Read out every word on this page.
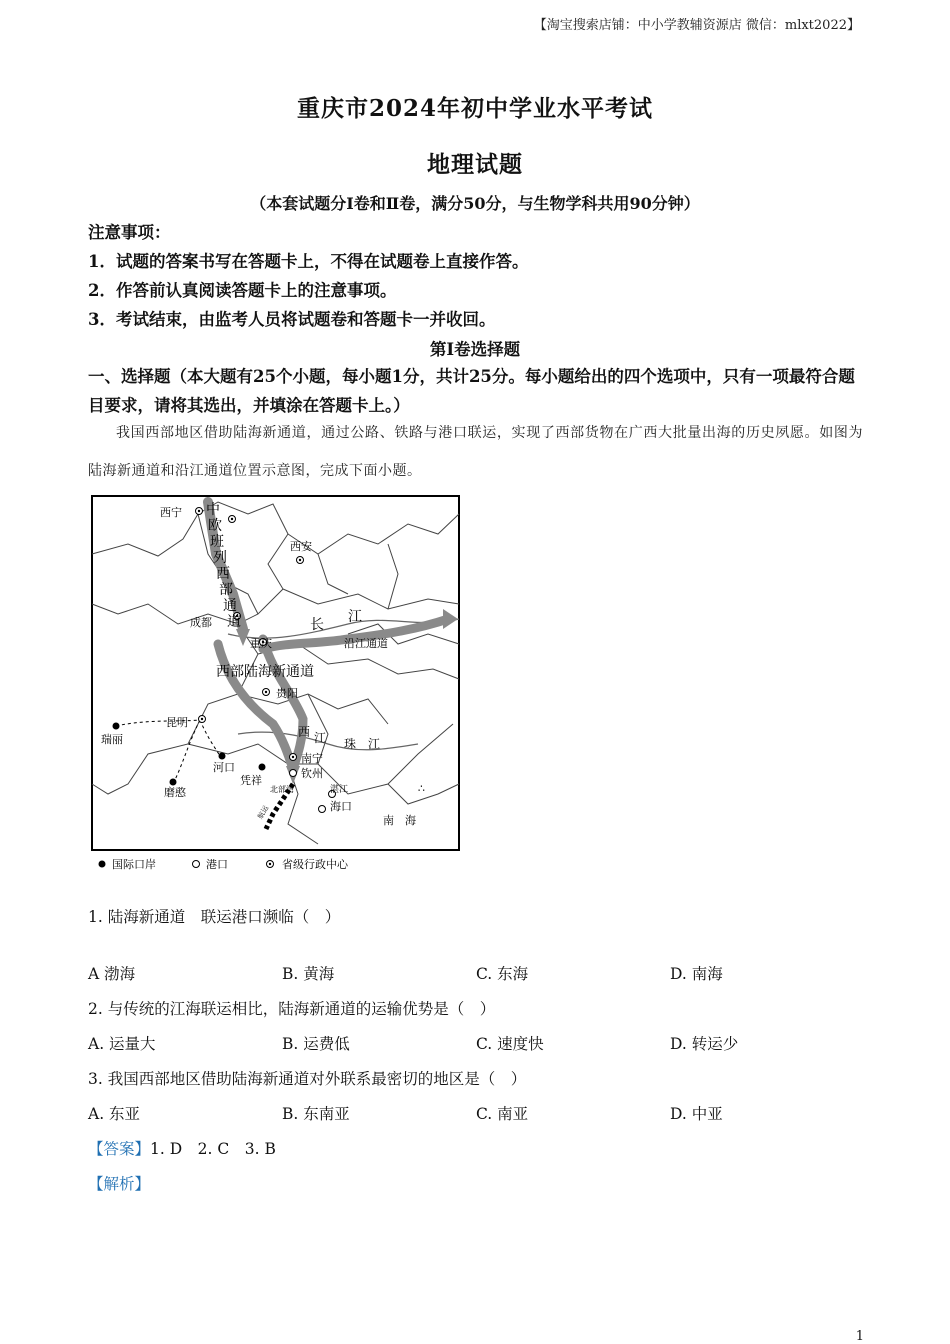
【淘宝搜索店铺：中小学教辅资源店 微信：mlxt2022】
重庆市2024年初中学业水平考试
地理试题
（本套试题分Ⅰ卷和Ⅱ卷，满分50分，与生物学科共用90分钟）
注意事项：
1．试题的答案书写在答题卡上，不得在试题卷上直接作答。
2．作答前认真阅读答题卡上的注意事项。
3．考试结束，由监考人员将试题卷和答题卡一并收回。
第Ⅰ卷选择题
一、选择题（本大题有25个小题，每小题1分，共计25分。每小题给出的四个选项中，只有一项最符合题目要求，请将其选出，并填涂在答题卡上。）
我国西部地区借助陆海新通道，通过公路、铁路与港口联运，实现了西部货物在广西大批量出海的历史夙愿。如图为陆海新通道和沿江通道位置示意图，完成下面小题。
西宁
西安
成都
重庆
贵阳
昆明
瑞丽
河口
磨憨
凭祥
南宁
钦州
湛江
海口
北部湾
中
欧
班
列
西
部
通
道
西部陆海新通道
沿江通道
长 江
西 江 珠 江
南　海
航运
∴
国际口岸	港口	省级行政中心
1. 陆海新通道　联运港口濒临（　）
A 渤海	B. 黄海	C. 东海	D. 南海
2. 与传统的江海联运相比，陆海新通道的运输优势是（　）
A. 运量大	B. 运费低	C. 速度快	D. 转运少
3. 我国西部地区借助陆海新通道对外联系最密切的地区是（　）
A. 东亚	B. 东南亚	C. 南亚	D. 中亚
【答案】1. D　2. C　3. B
【解析】
1
